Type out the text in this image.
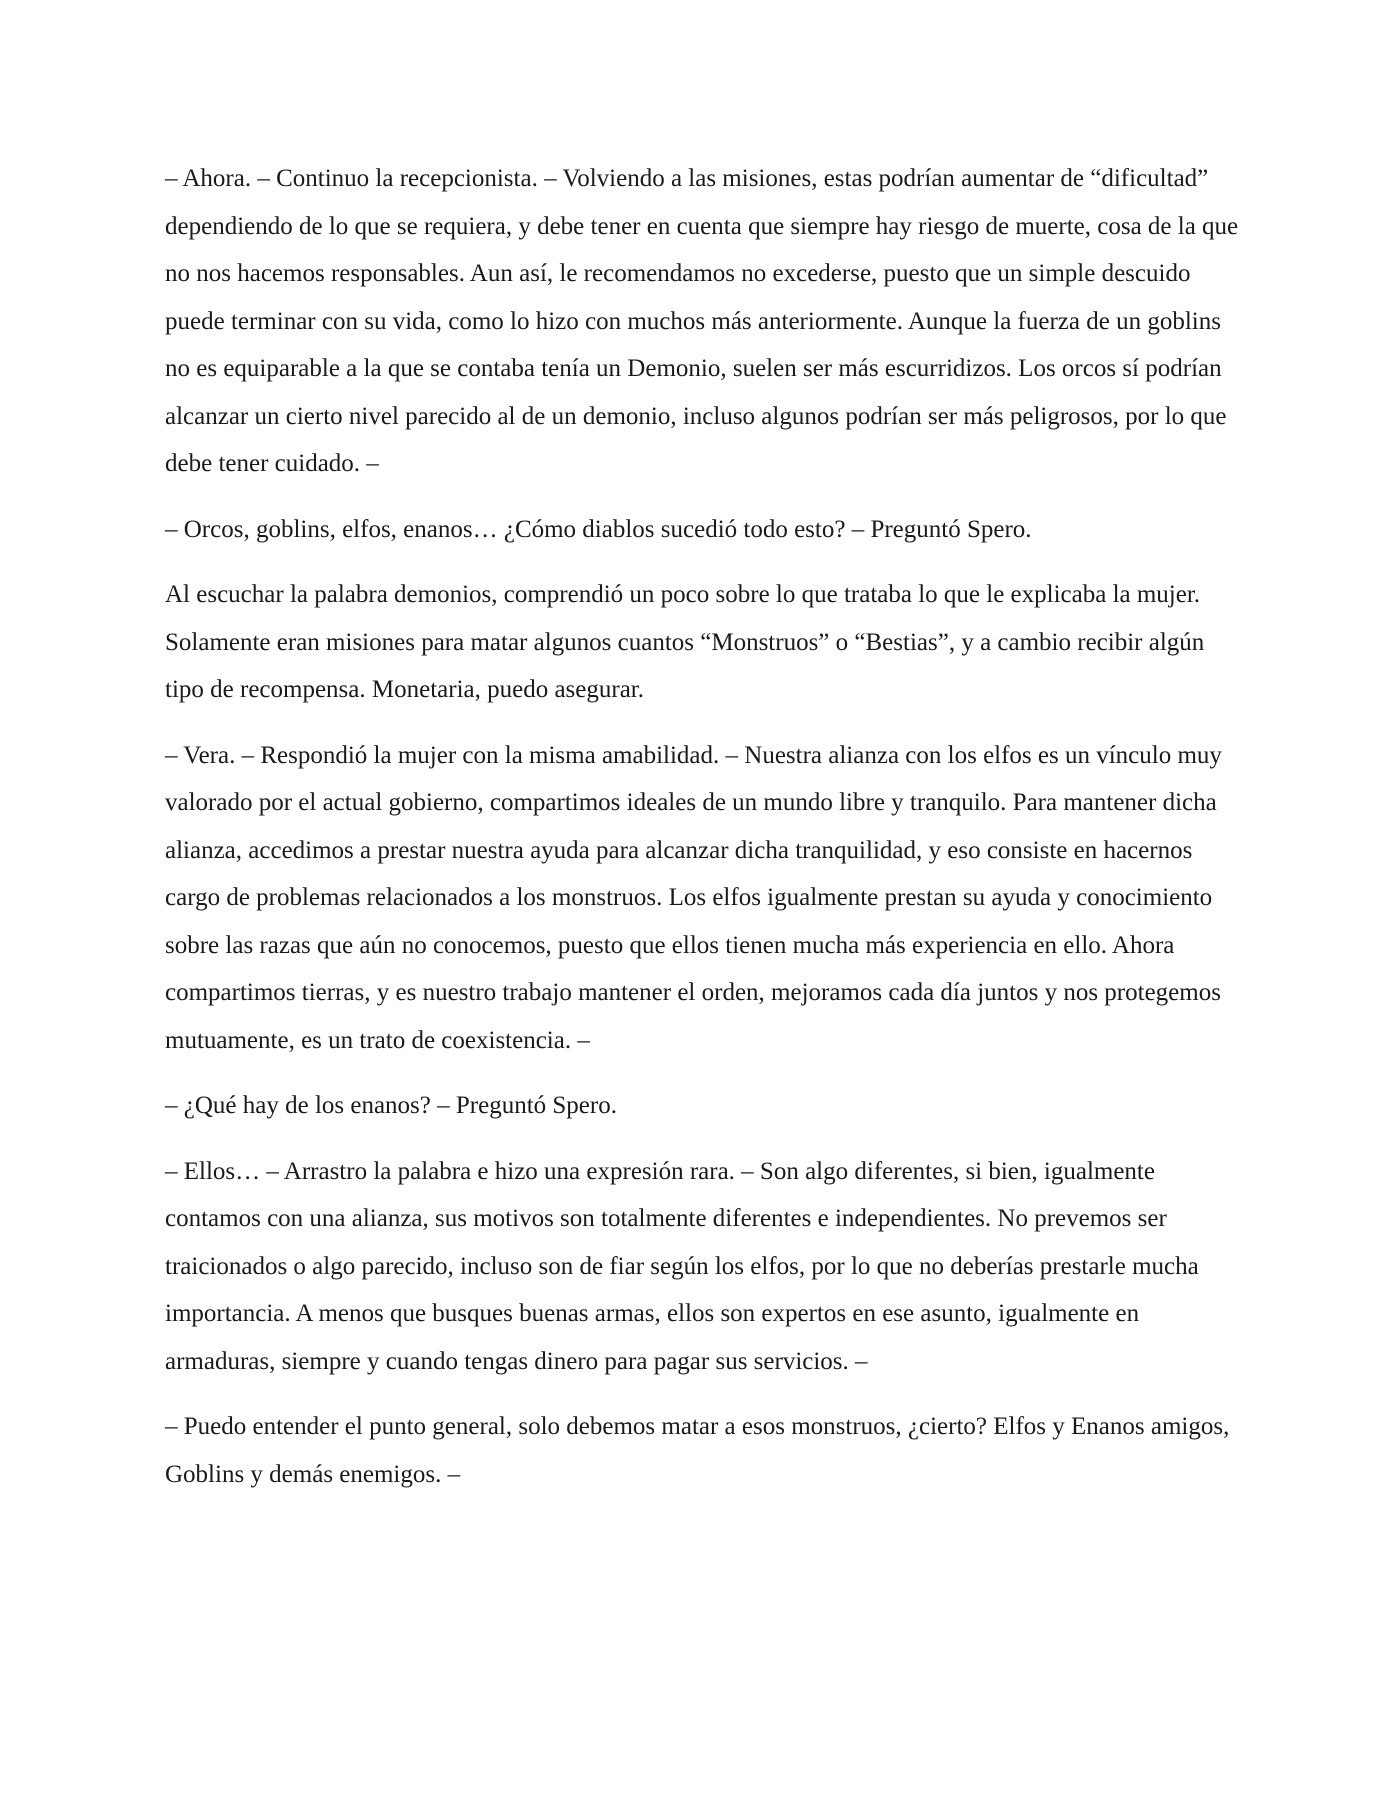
– Ahora. – Continuo la recepcionista. – Volviendo a las misiones, estas podrían aumentar de “dificultad” dependiendo de lo que se requiera, y debe tener en cuenta que siempre hay riesgo de muerte, cosa de la que no nos hacemos responsables. Aun así, le recomendamos no excederse, puesto que un simple descuido puede terminar con su vida, como lo hizo con muchos más anteriormente. Aunque la fuerza de un goblins no es equiparable a la que se contaba tenía un Demonio, suelen ser más escurridizos. Los orcos sí podrían alcanzar un cierto nivel parecido al de un demonio, incluso algunos podrían ser más peligrosos, por lo que debe tener cuidado. –

– Orcos, goblins, elfos, enanos… ¿Cómo diablos sucedió todo esto? – Preguntó Spero.

Al escuchar la palabra demonios, comprendió un poco sobre lo que trataba lo que le explicaba la mujer. Solamente eran misiones para matar algunos cuantos “Monstruos” o “Bestias”, y a cambio recibir algún tipo de recompensa. Monetaria, puedo asegurar.

– Vera. – Respondió la mujer con la misma amabilidad. – Nuestra alianza con los elfos es un vínculo muy valorado por el actual gobierno, compartimos ideales de un mundo libre y tranquilo. Para mantener dicha alianza, accedimos a prestar nuestra ayuda para alcanzar dicha tranquilidad, y eso consiste en hacernos cargo de problemas relacionados a los monstruos. Los elfos igualmente prestan su ayuda y conocimiento sobre las razas que aún no conocemos, puesto que ellos tienen mucha más experiencia en ello. Ahora compartimos tierras, y es nuestro trabajo mantener el orden, mejoramos cada día juntos y nos protegemos mutuamente, es un trato de coexistencia. –

– ¿Qué hay de los enanos? – Preguntó Spero.

– Ellos… – Arrastro la palabra e hizo una expresión rara. – Son algo diferentes, si bien, igualmente contamos con una alianza, sus motivos son totalmente diferentes e independientes. No prevemos ser traicionados o algo parecido, incluso son de fiar según los elfos, por lo que no deberías prestarle mucha importancia. A menos que busques buenas armas, ellos son expertos en ese asunto, igualmente en armaduras, siempre y cuando tengas dinero para pagar sus servicios. –

– Puedo entender el punto general, solo debemos matar a esos monstruos, ¿cierto? Elfos y Enanos amigos, Goblins y demás enemigos. –
